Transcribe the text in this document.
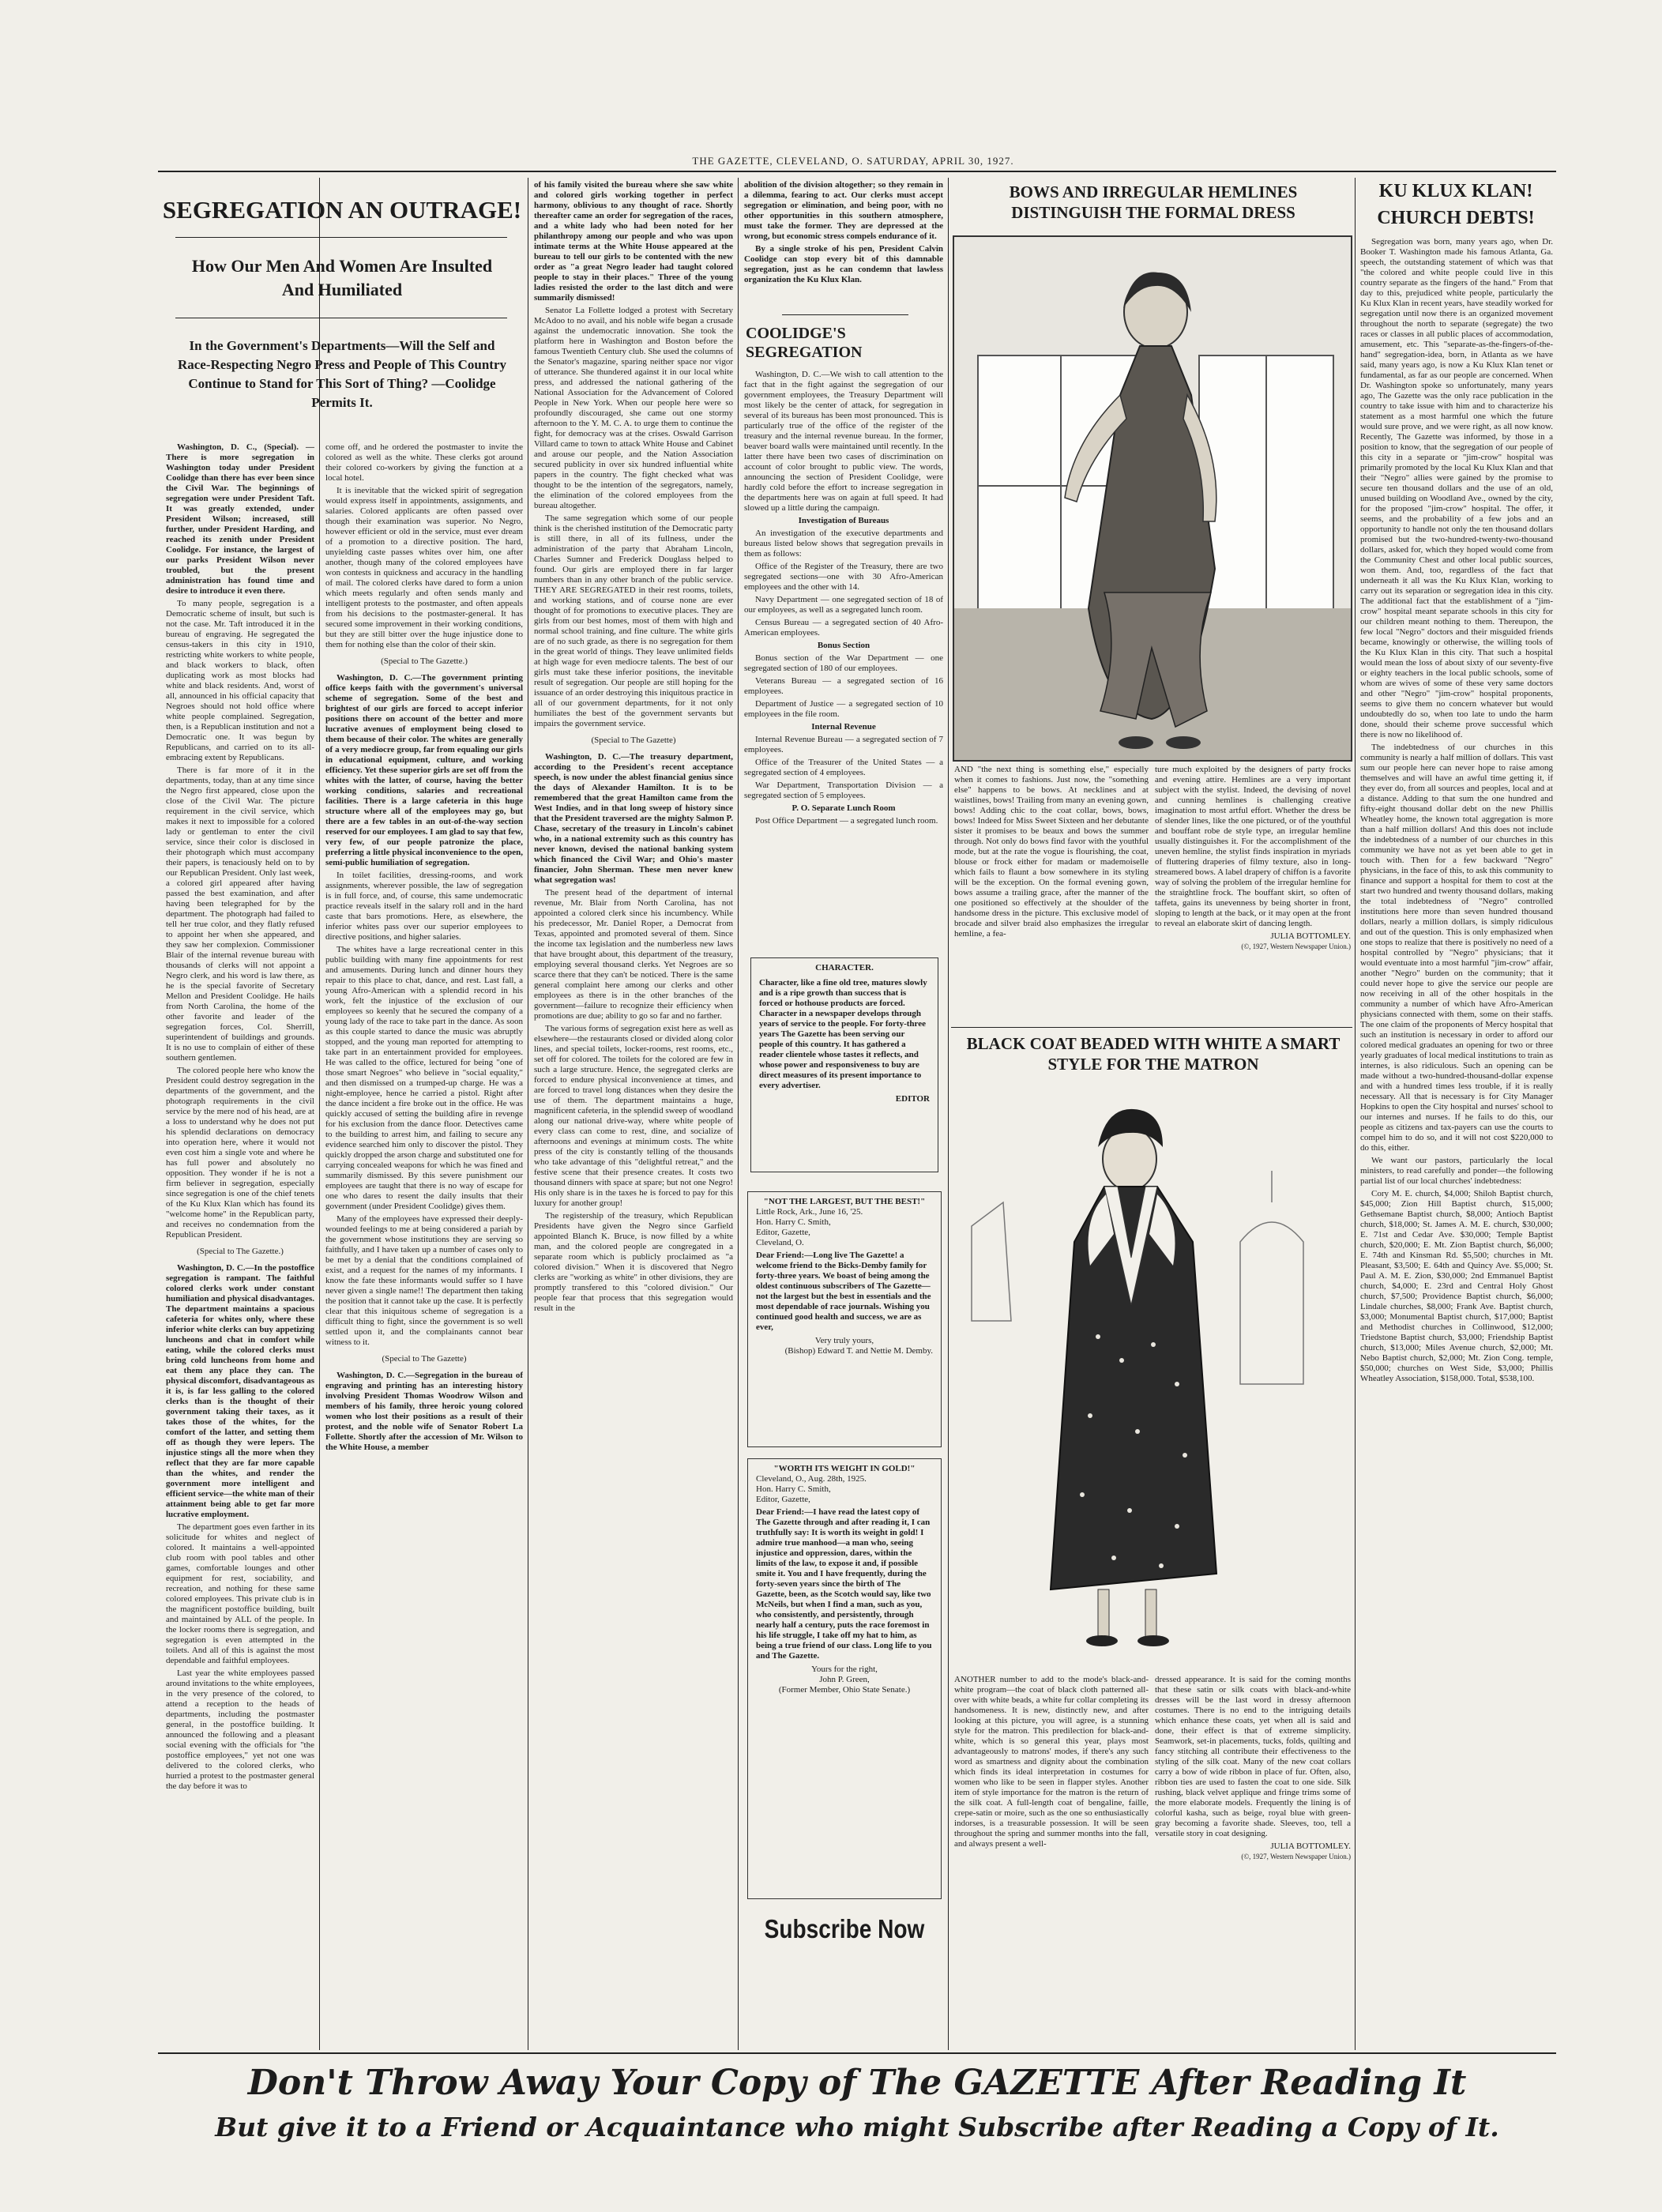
THE GAZETTE, CLEVELAND, O. SATURDAY, APRIL 30, 1927.
SEGREGATION AN OUTRAGE!
How Our Men And Women Are Insulted And Humiliated
In the Government's Departments—Will the Self and Race-Respecting Negro Press and People of This Country Continue to Stand for This Sort of Thing? —Coolidge Permits It.

Washington, D. C., (Special). —There is more segregation in Washington today under President Coolidge than there has ever been since the Civil War. The beginnings of segregation were under President Taft. It was greatly extended, under President Wilson; increased, still further, under President Harding, and reached its zenith under President Coolidge. For instance, the largest of our parks President Wilson never troubled, but the present administration has found time and desire to introduce it even there.

To many people, segregation is a Democratic scheme of insult, but such is not the case. Mr. Taft introduced it in the bureau of engraving. He segregated the census-takers in this city in 1910, restricting white workers to white people, and black workers to black, often duplicating work as most blocks had white and black residents. And, worst of all, announced in his official capacity that Negroes should not hold office where white people complained. Segregation, then, is a Republican institution and not a Democratic one. It was begun by Republicans, and carried on to its all-embracing extent by Republicans.

There is far more of it in the departments, today, than at any time since the Negro first appeared, close upon the close of the Civil War. The picture requirement in the civil service, which makes it next to impossible for a colored lady or gentleman to enter the civil service, since their color is disclosed in their photograph which must accompany their papers, is tenaciously held on to by our Republican President. Only last week, a colored girl appeared after having passed the best examination, and after having been telegraphed for by the department. The photograph had failed to tell her true color, and they flatly refused to appoint her when she appeared, and they saw her complexion. Commissioner Blair of the internal revenue bureau with thousands of clerks will not appoint a Negro clerk, and his word is law there, as he is the special favorite of Secretary Mellon and President Coolidge. He hails from North Carolina, the home of the other favorite and leader of the segregation forces, Col. Sherrill, superintendent of buildings and grounds. It is no use to complain of either of these southern gentlemen.

The colored people here who know the President could destroy segregation in the departments of the government, and the photograph requirements in the civil service by the mere nod of his head, are at a loss to understand why he does not put his splendid declarations on democracy into operation here, where it would not even cost him a single vote and where he has full power and absolutely no opposition. They wonder if he is not a firm believer in segregation, especially since segregation is one of the chief tenets of the Ku Klux Klan which has found its "welcome home" in the Republican party, and receives no condemnation from the Republican President.

(Special to The Gazette.)

Washington, D. C.—In the postoffice segregation is rampant. The faithful colored clerks work under constant humiliation and physical disadvantages. The department maintains a spacious cafeteria for whites only, where these inferior white clerks can buy appetizing luncheons and chat in comfort while eating, while the colored clerks must bring cold luncheons from home and eat them any place they can. The physical discomfort, disadvantageous as it is, is far less galling to the colored clerks than is the thought of their government taking their taxes, as it takes those of the whites, for the comfort of the latter, and setting them off as though they were lepers. The injustice stings all the more when they reflect that they are far more capable than the whites, and render the government more intelligent and efficient service—the white man of their attainment being able to get far more lucrative employment.

The department goes even farther in its solicitude for whites and neglect of colored. It maintains a well-appointed club room with pool tables and other games, comfortable lounges and other equipment for rest, sociability, and recreation, and nothing for these same colored employees. This private club is in the magnificent postoffice building, built and maintained by ALL of the people. In the locker rooms there is segregation, and segregation is even attempted in the toilets. And all of this is against the most dependable and faithful employees.

Last year the white employees passed around invitations to the white employees, in the very presence of the colored, to attend a reception to the heads of departments, including the postmaster general, in the postoffice building. It announced the following and a pleasant social evening with the officials for "the postoffice employees," yet not one was delivered to the colored clerks, who hurried a protest to the postmaster general the day before it was to

come off, and he ordered the postmaster to invite the colored as well as the white. These clerks got around their colored co-workers by giving the function at a local hotel.

It is inevitable that the wicked spirit of segregation would express itself in appointments, assignments, and salaries. Colored applicants are often passed over though their examination was superior. No Negro, however efficient or old in the service, must ever dream of a promotion to a directive position. The hard, unyielding caste passes whites over him, one after another, though many of the colored employees have won contests in quickness and accuracy in the handling of mail. The colored clerks have dared to form a union which meets regularly and often sends manly and intelligent protests to the postmaster, and often appeals from his decisions to the postmaster-general. It has secured some improvement in their working conditions, but they are still bitter over the huge injustice done to them for nothing else than the color of their skin.

(Special to The Gazette.)

Washington, D. C.—The government printing office keeps faith with the government's universal scheme of segregation. Some of the best and brightest of our girls are forced to accept inferior positions there on account of the better and more lucrative avenues of employment being closed to them because of their color. The whites are generally of a very mediocre group, far from equaling our girls in educational equipment, culture, and working efficiency. Yet these superior girls are set off from the whites with the latter, of course, having the better working conditions, salaries and recreational facilities. There is a large cafeteria in this huge structure where all of the employees may go, but there are a few tables in an out-of-the-way section reserved for our employees. I am glad to say that few, very few, of our people patronize the place, preferring a little physical inconvenience to the open, semi-public humiliation of segregation.

In toilet facilities, dressing-rooms, and work assignments, wherever possible, the law of segregation is in full force, and, of course, this same undemocratic practice reveals itself in the salary roll and in the hard caste that bars promotions. Here, as elsewhere, the inferior whites pass over our superior employees to directive positions, and higher salaries.

The whites have a large recreational center in this public building with many fine appointments for rest and amusements. During lunch and dinner hours they repair to this place to chat, dance, and rest. Last fall, a young Afro-American with a splendid record in his work, felt the injustice of the exclusion of our employees so keenly that he secured the company of a young lady of the race to take part in the dance. As soon as this couple started to dance the music was abruptly stopped, and the young man reported for attempting to take part in an entertainment provided for employees. He was called to the office, lectured for being "one of those smart Negroes" who believe in "social equality," and then dismissed on a trumped-up charge. He was a night-employee, hence he carried a pistol. Right after the dance incident a fire broke out in the office. He was quickly accused of setting the building afire in revenge for his exclusion from the dance floor. Detectives came to the building to arrest him, and failing to secure any evidence searched him only to discover the pistol. They quickly dropped the arson charge and substituted one for carrying concealed weapons for which he was fined and summarily dismissed. By this severe punishment our employees are taught that there is no way of escape for one who dares to resent the daily insults that their government (under President Coolidge) gives them.

Many of the employees have expressed their deeply-wounded feelings to me at being considered a pariah by the government whose institutions they are serving so faithfully, and I have taken up a number of cases only to be met by a denial that the conditions complained of exist, and a request for the names of my informants. I know the fate these informants would suffer so I have never given a single name!! The department then taking the position that it cannot take up the case. It is perfectly clear that this iniquitous scheme of segregation is a difficult thing to fight, since the government is so well settled upon it, and the complainants cannot bear witness to it.

(Special to The Gazette)

Washington, D. C.—Segregation in the bureau of engraving and printing has an interesting history involving President Thomas Woodrow Wilson and members of his family, three heroic young colored women who lost their positions as a result of their protest, and the noble wife of Senator Robert La Follette. Shortly after the accession of Mr. Wilson to the White House, a member

of his family visited the bureau where she saw white and colored girls working together in perfect harmony, oblivious to any thought of race. Shortly thereafter came an order for segregation of the races, and a white lady who had been noted for her philanthropy among our people and who was upon intimate terms at the White House appeared at the bureau to tell our girls to be contented with the new order as "a great Negro leader had taught colored people to stay in their places." Three of the young ladies resisted the order to the last ditch and were summarily dismissed!

Senator La Follette lodged a protest with Secretary McAdoo to no avail, and his noble wife began a crusade against the undemocratic innovation. She took the platform here in Washington and Boston before the famous Twentieth Century club. She used the columns of the Senator's magazine, sparing neither space nor vigor of utterance. She thundered against it in our local white press, and addressed the national gathering of the National Association for the Advancement of Colored People in New York. When our people here were so profoundly discouraged, she came out one stormy afternoon to the Y. M. C. A. to urge them to continue the fight, for democracy was at the crises. Oswald Garrison Villard came to town to attack White House and Cabinet and arouse our people, and the Nation Association secured publicity in over six hundred influential white papers in the country. The fight checked what was thought to be the intention of the segregators, namely, the elimination of the colored employees from the bureau altogether.

The same segregation which some of our people think is the cherished institution of the Democratic party is still there, in all of its fullness, under the administration of the party that Abraham Lincoln, Charles Sumner and Frederick Douglass helped to found. Our girls are employed there in far larger numbers than in any other branch of the public service. THEY ARE SEGREGATED in their rest rooms, toilets, and working stations, and of course none are ever thought of for promotions to executive places. They are girls from our best homes, most of them with high and normal school training, and fine culture. The white girls are of no such grade, as there is no segregation for them in the great world of things. They leave unlimited fields at high wage for even mediocre talents. The best of our girls must take these inferior positions, the inevitable result of segregation. Our people are still hoping for the issuance of an order destroying this iniquitous practice in all of our government departments, for it not only humiliates the best of the government servants but impairs the government service.

(Special to The Gazette)

Washington, D. C.—The treasury department, according to the President's recent acceptance speech, is now under the ablest financial genius since the days of Alexander Hamilton. It is to be remembered that the great Hamilton came from the West Indies, and in that long sweep of history since that the President traversed are the mighty Salmon P. Chase, secretary of the treasury in Lincoln's cabinet who, in a national extremity such as this country has never known, devised the national banking system which financed the Civil War; and Ohio's master financier, John Sherman. These men never knew what segregation was!

The present head of the department of internal revenue, Mr. Blair from North Carolina, has not appointed a colored clerk since his incumbency. While his predecessor, Mr. Daniel Roper, a Democrat from Texas, appointed and promoted several of them. Since the income tax legislation and the numberless new laws that have brought about, this department of the treasury, employing several thousand clerks. Yet Negroes are so scarce there that they can't be noticed. There is the same general complaint here among our clerks and other employees as there is in the other branches of the government—failure to recognize their efficiency when promotions are due; ability to go so far and no farther.

The various forms of segregation exist here as well as elsewhere—the restaurants closed or divided along color lines, and special toilets, locker-rooms, rest rooms, etc., set off for colored. The toilets for the colored are few in such a large structure. Hence, the segregated clerks are forced to endure physical inconvenience at times, and are forced to travel long distances when they desire the use of them. The department maintains a huge, magnificent cafeteria, in the splendid sweep of woodland along our national drive-way, where white people of every class can come to rest, dine, and socialize of afternoons and evenings at minimum costs. The white press of the city is constantly telling of the thousands who take advantage of this "delightful retreat," and the festive scene that their presence creates. It costs two thousand dinners with space at spare; but not one Negro! His only share is in the taxes he is forced to pay for this luxury for another group!

The registership of the treasury, which Republican Presidents have given the Negro since Garfield appointed Blanch K. Bruce, is now filled by a white man, and the colored people are congregated in a separate room which is publicly proclaimed as "a colored division." When it is discovered that Negro clerks are "working as white" in other divisions, they are promptly transfered to this "colored division." Our people fear that process that this segregation would result in the

abolition of the division altogether; so they remain in a dilemma, fearing to act. Our clerks must accept segregation or elimination, and being poor, with no other opportunities in this southern atmosphere, must take the former. They are depressed at the wrong, but economic stress compels endurance of it.

By a single stroke of his pen, President Calvin Coolidge can stop every bit of this damnable segregation, just as he can condemn that lawless organization the Ku Klux Klan.

COOLIDGE'S SEGREGATION

Washington, D. C.—We wish to call attention to the fact that in the fight against the segregation of our government employees, the Treasury Department will most likely be the center of attack, for segregation in several of its bureaus has been most pronounced. This is particularly true of the office of the register of the treasury and the internal revenue bureau. In the former, beaver board walls were maintained until recently. In the latter there have been two cases of discrimination on account of color brought to public view. The words, announcing the section of President Coolidge, were hardly cold before the effort to increase segregation in the departments here was on again at full speed. It had slowed up a little during the campaign.

Investigation of Bureaus

An investigation of the executive departments and bureaus listed below shows that segregation prevails in them as follows:

Office of the Register of the Treasury, there are two segregated sections—one with 30 Afro-American employees and the other with 14.

Navy Department — one segregated section of 18 of our employees, as well as a segregated lunch room.

Census Bureau — a segregated section of 40 Afro-American employees.

Bonus Section

Bonus section of the War Department — one segregated section of 180 of our employees.

Veterans Bureau — a segregated section of 16 employees.

Department of Justice — a segregated section of 10 employees in the file room.

Internal Revenue

Internal Revenue Bureau — a segregated section of 7 employees.

Office of the Treasurer of the United States — a segregated section of 4 employees.

War Department, Transportation Division — a segregated section of 5 employees.

P. O. Separate Lunch Room

Post Office Department — a segregated lunch room.

CHARACTER.

Character, like a fine old tree, matures slowly and is a ripe growth than success that is forced or hothouse products are forced. Character in a newspaper develops through years of service to the people. For forty-three years The Gazette has been serving our people of this country. It has gathered a reader clientele whose tastes it reflects, and whose power and responsiveness to buy are direct measures of its present importance to every advertiser.

EDITOR
"NOT THE LARGEST, BUT THE BEST!"
Little Rock, Ark., June 16, '25.
Hon. Harry C. Smith,
Editor, Gazette,
Cleveland, O.

Dear Friend:—Long live The Gazette! a welcome friend to the Bicks-Demby family for forty-three years. We boast of being among the oldest continuous subscribers of The Gazette—not the largest but the best in essentials and the most dependable of race journals. Wishing you continued good health and success, we are as ever,

Very truly yours,
(Bishop) Edward T. and Nettie M. Demby.
"WORTH ITS WEIGHT IN GOLD!"
Cleveland, O., Aug. 28th, 1925.
Hon. Harry C. Smith,
Editor, Gazette,

Dear Friend:—I have read the latest copy of The Gazette through and after reading it, I can truthfully say: It is worth its weight in gold! I admire true manhood—a man who, seeing injustice and oppression, dares, within the limits of the law, to expose it and, if possible smite it. You and I have frequently, during the forty-seven years since the birth of The Gazette, been, as the Scotch would say, like two McNeils, but when I find a man, such as you, who consistently, and persistently, through nearly half a century, puts the race foremost in his life struggle, I take off my hat to him, as being a true friend of our class. Long life to you and The Gazette.

Yours for the right,
John P. Green,
(Former Member, Ohio State Senate.)
Subscribe Now
BOWS AND IRREGULAR HEMLINES DISTINGUISH THE FORMAL DRESS

AND "the next thing is something else," especially when it comes to fashions. Just now, the "something else" happens to be bows. At necklines and at waistlines, bows! Trailing from many an evening gown, bows! Adding chic to the coat collar, bows, bows, bows! Indeed for Miss Sweet Sixteen and her debutante sister it promises to be beaux and bows the summer through. Not only do bows find favor with the youthful mode, but at the rate the vogue is flourishing, the coat, blouse or frock either for madam or mademoiselle which fails to flaunt a bow somewhere in its styling will be the exception. On the formal evening gown, bows assume a trailing grace, after the manner of the one positioned so effectively at the shoulder of the handsome dress in the picture. This exclusive model of brocade and silver braid also emphasizes the irregular hemline, a fea-

ture much exploited by the designers of party frocks and evening attire. Hemlines are a very important subject with the stylist. Indeed, the devising of novel and cunning hemlines is challenging creative imagination to most artful effort. Whether the dress be of slender lines, like the one pictured, or of the youthful and bouffant robe de style type, an irregular hemline usually distinguishes it. For the accomplishment of the uneven hemline, the stylist finds inspiration in myriads of fluttering draperies of filmy texture, also in long-streamered bows. A label drapery of chiffon is a favorite way of solving the problem of the irregular hemline for the straightline frock. The bouffant skirt, so often of taffeta, gains its unevenness by being shorter in front, sloping to length at the back, or it may open at the front to reveal an elaborate skirt of dancing length.

JULIA BOTTOMLEY.
(©, 1927, Western Newspaper Union.)
BLACK COAT BEADED WITH WHITE A SMART STYLE FOR THE MATRON

ANOTHER number to add to the mode's black-and-white program—the coat of black cloth patterned all-over with white beads, a white fur collar completing its handsomeness. It is new, distinctly new, and after looking at this picture, you will agree, is a stunning style for the matron. This predilection for black-and-white, which is so general this year, plays most advantageously to matrons' modes, if there's any such word as smartness and dignity about the combination which finds its ideal interpretation in costumes for women who like to be seen in flapper styles. Another item of style importance for the matron is the return of the silk coat. A full-length coat of bengaline, faille, crepe-satin or moire, such as the one so enthusiastically indorses, is a treasurable possession. It will be seen throughout the spring and summer months into the fall, and always present a well-

dressed appearance. It is said for the coming months that these satin or silk coats with black-and-white dresses will be the last word in dressy afternoon costumes. There is no end to the intriguing details which enhance these coats, yet when all is said and done, their effect is that of extreme simplicity. Seamwork, set-in placements, tucks, folds, quilting and fancy stitching all contribute their effectiveness to the styling of the silk coat. Many of the new coat collars carry a bow of wide ribbon in place of fur. Often, also, ribbon ties are used to fasten the coat to one side. Silk rushing, black velvet applique and fringe trims some of the more elaborate models. Frequently the lining is of colorful kasha, such as beige, royal blue with green-gray becoming a favorite shade. Sleeves, too, tell a versatile story in coat designing.

JULIA BOTTOMLEY.
(©, 1927, Western Newspaper Union.)
KU KLUX KLAN!
CHURCH DEBTS!

Segregation was born, many years ago, when Dr. Booker T. Washington made his famous Atlanta, Ga. speech, the outstanding statement of which was that "the colored and white people could live in this country separate as the fingers of the hand." From that day to this, prejudiced white people, particularly the Ku Klux Klan in recent years, have steadily worked for segregation until now there is an organized movement throughout the north to separate (segregate) the two races or classes in all public places of accommodation, amusement, etc. This "separate-as-the-fingers-of-the-hand" segregation-idea, born, in Atlanta as we have said, many years ago, is now a Ku Klux Klan tenet or fundamental, as far as our people are concerned. When Dr. Washington spoke so unfortunately, many years ago, The Gazette was the only race publication in the country to take issue with him and to characterize his statement as a most harmful one which the future would sure prove, and we were right, as all now know. Recently, The Gazette was informed, by those in a position to know, that the segregation of our people of this city in a separate or "jim-crow" hospital was primarily promoted by the local Ku Klux Klan and that their "Negro" allies were gained by the promise to secure ten thousand dollars and the use of an old, unused building on Woodland Ave., owned by the city, for the proposed "jim-crow" hospital. The offer, it seems, and the probability of a few jobs and an opportunity to handle not only the ten thousand dollars promised but the two-hundred-twenty-two-thousand dollars, asked for, which they hoped would come from the Community Chest and other local public sources, won them. And, too, regardless of the fact that underneath it all was the Ku Klux Klan, working to carry out its separation or segregation idea in this city. The additional fact that the establishment of a "jim-crow" hospital meant separate schools in this city for our children meant nothing to them. Thereupon, the few local "Negro" doctors and their misguided friends became, knowingly or otherwise, the willing tools of the Ku Klux Klan in this city. That such a hospital would mean the loss of about sixty of our seventy-five or eighty teachers in the local public schools, some of whom are wives of some of these very same doctors and other "Negro" "jim-crow" hospital proponents, seems to give them no concern whatever but would undoubtedly do so, when too late to undo the harm done, should their scheme prove successful which there is now no likelihood of.

The indebtedness of our churches in this community is nearly a half million of dollars. This vast sum our people here can never hope to raise among themselves and will have an awful time getting it, if they ever do, from all sources and peoples, local and at a distance. Adding to that sum the one hundred and fifty-eight thousand dollar debt on the new Phillis Wheatley home, the known total aggregation is more than a half million dollars! And this does not include the indebtedness of a number of our churches in this community we have not as yet been able to get in touch with. Then for a few backward "Negro" physicians, in the face of this, to ask this community to finance and support a hospital for them to cost at the start two hundred and twenty thousand dollars, making the total indebtedness of "Negro" controlled institutions here more than seven hundred thousand dollars, nearly a million dollars, is simply ridiculous and out of the question. This is only emphasized when one stops to realize that there is positively no need of a hospital controlled by "Negro" physicians; that it would eventuate into a most harmful "jim-crow" affair, another "Negro" burden on the community; that it could never hope to give the service our people are now receiving in all of the other hospitals in the community a number of which have Afro-American physicians connected with them, some on their staffs. The one claim of the proponents of Mercy hospital that such an institution is necessary in order to afford our colored medical graduates an opening for two or three yearly graduates of local medical institutions to train as internes, is also ridiculous. Such an opening can be made without a two-hundred-thousand-dollar expense and with a hundred times less trouble, if it is really necessary. All that is necessary is for City Manager Hopkins to open the City hospital and nurses' school to our internes and nurses. If he fails to do this, our people as citizens and tax-payers can use the courts to compel him to do so, and it will not cost $220,000 to do this, either.

We want our pastors, particularly the local ministers, to read carefully and ponder—the following partial list of our local churches' indebtedness:

Cory M. E. church, $4,000; Shiloh Baptist church, $45,000; Zion Hill Baptist church, $15,000; Gethsemane Baptist church, $8,000; Antioch Baptist church, $18,000; St. James A. M. E. church, $30,000; E. 71st and Cedar Ave. $30,000; Temple Baptist church, $20,000; E. Mt. Zion Baptist church, $6,000; E. 74th and Kinsman Rd. $5,500; churches in Mt. Pleasant, $3,500; E. 64th and Quincy Ave. $5,000; St. Paul A. M. E. Zion, $30,000; 2nd Emmanuel Baptist church, $4,000; E. 23rd and Central Holy Ghost church, $7,500; Providence Baptist church, $6,000; Lindale churches, $8,000; Frank Ave. Baptist church, $3,000; Monumental Baptist church, $17,000; Baptist and Methodist churches in Collinwood, $12,000; Triedstone Baptist church, $3,000; Friendship Baptist church, $13,000; Miles Avenue church, $2,000; Mt. Nebo Baptist church, $2,000; Mt. Zion Cong. temple, $50,000; churches on West Side, $3,000; Phillis Wheatley Association, $158,000. Total, $538,100.

Don't Throw Away Your Copy of The GAZETTE After Reading It
But give it to a Friend or Acquaintance who might Subscribe after Reading a Copy of It.
